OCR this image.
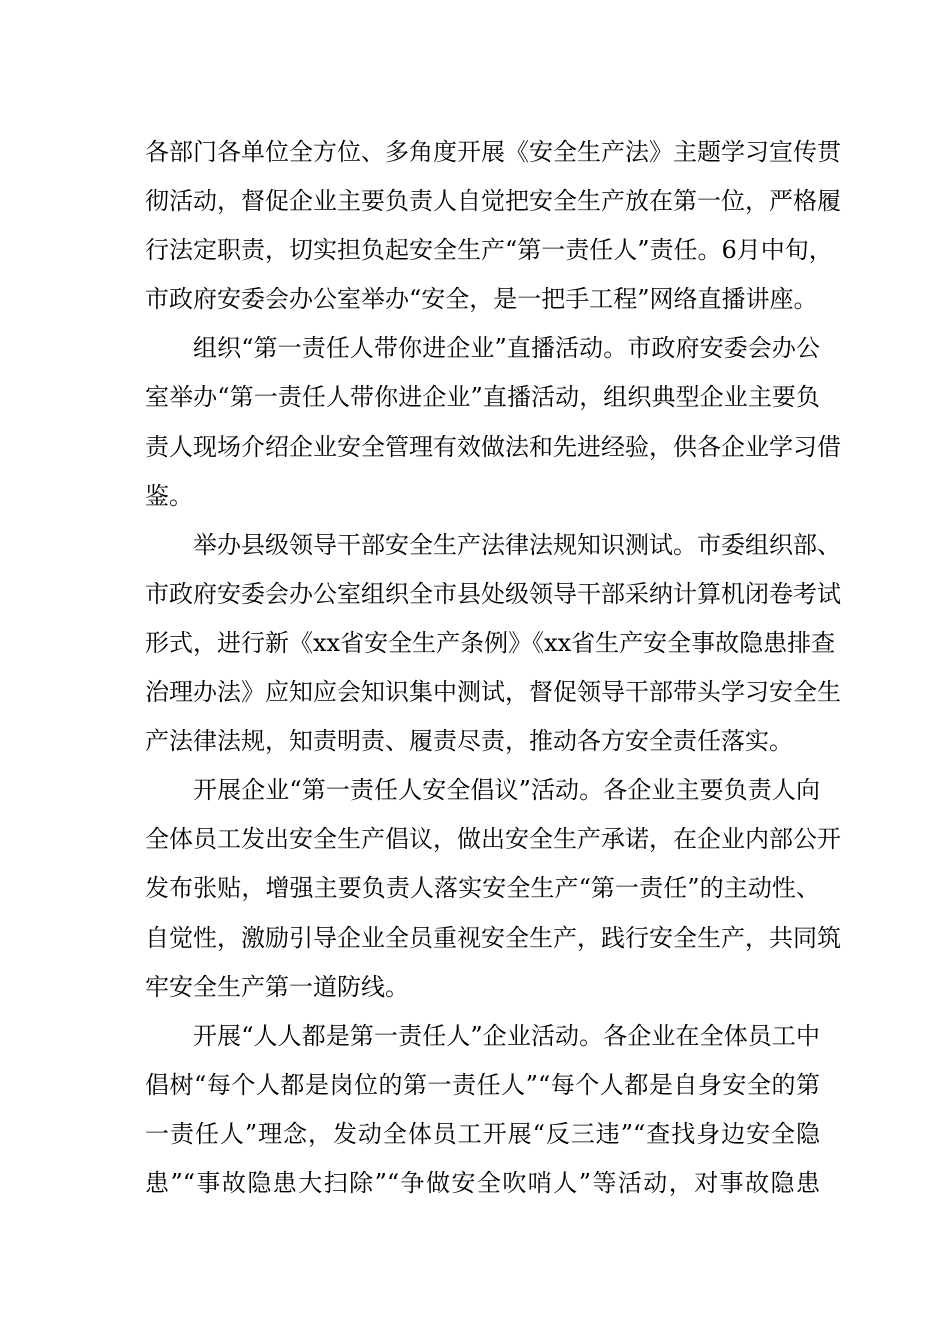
各部门各单位全方位、多角度开展《安全生产法》主题学习宣传贯
彻活动，督促企业主要负责人自觉把安全生产放在第一位，严格履
行法定职责，切实担负起安全生产“第一责任人”责任。6月中旬，
市政府安委会办公室举办“安全，是一把手工程”网络直播讲座。
组织“第一责任人带你进企业”直播活动。市政府安委会办公
室举办“第一责任人带你进企业”直播活动，组织典型企业主要负
责人现场介绍企业安全管理有效做法和先进经验，供各企业学习借
鉴。
举办县级领导干部安全生产法律法规知识测试。市委组织部、
市政府安委会办公室组织全市县处级领导干部采纳计算机闭卷考试
形式，进行新《xx省安全生产条例》《xx省生产安全事故隐患排查
治理办法》应知应会知识集中测试，督促领导干部带头学习安全生
产法律法规，知责明责、履责尽责，推动各方安全责任落实。
开展企业“第一责任人安全倡议”活动。各企业主要负责人向
全体员工发出安全生产倡议，做出安全生产承诺，在企业内部公开
发布张贴，增强主要负责人落实安全生产“第一责任”的主动性、
自觉性，激励引导企业全员重视安全生产，践行安全生产，共同筑
牢安全生产第一道防线。
开展“人人都是第一责任人”企业活动。各企业在全体员工中
倡树“每个人都是岗位的第一责任人”“每个人都是自身安全的第
一责任人”理念，发动全体员工开展“反三违”“查找身边安全隐
患”“事故隐患大扫除”“争做安全吹哨人”等活动，对事故隐患
